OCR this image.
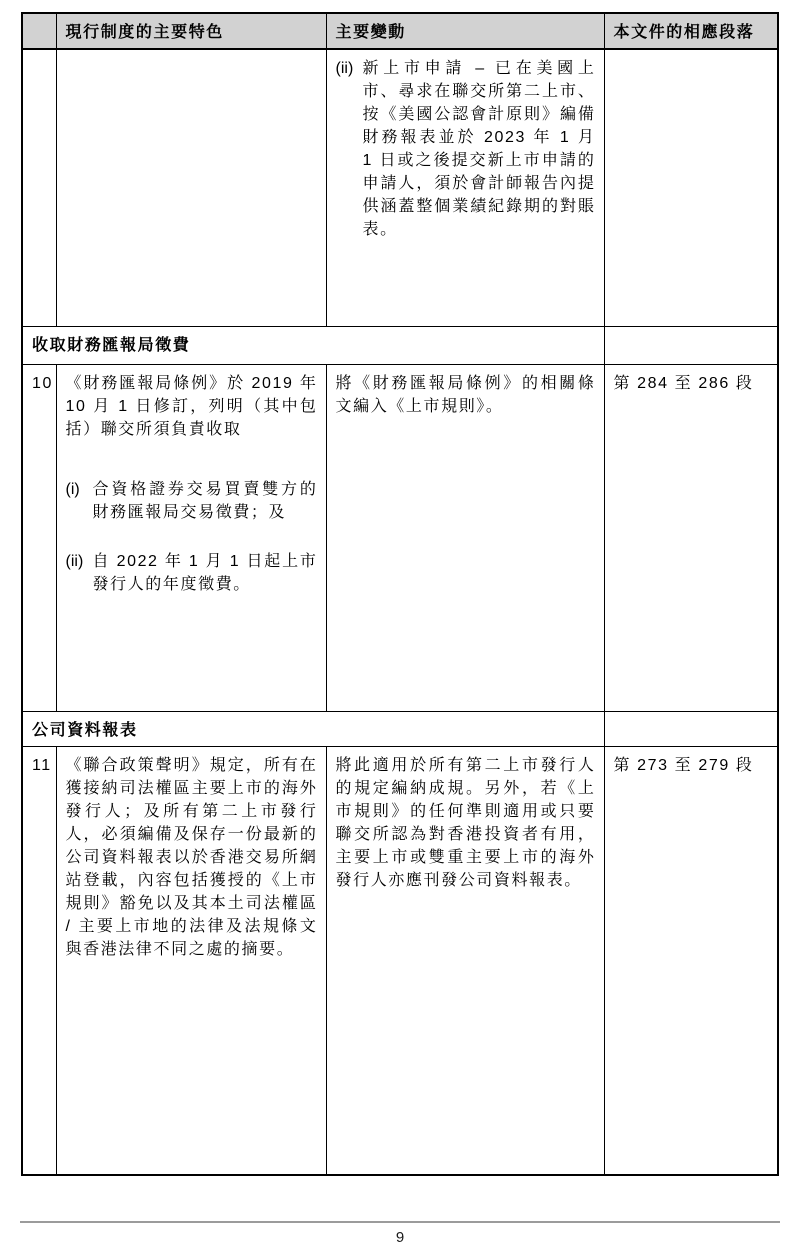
	現行制度的主要特色	主要變動	本文件的相應段落

		(ii) 新上市申請 – 已在美國上市、尋求在聯交所第二上市、按《美國公認會計原則》編備財務報表並於 2023 年 1 月 1 日或之後提交新上市申請的申請人，須於會計師報告內提供涵蓋整個業績紀錄期的對賬表。	

收取財務匯報局徵費			
10	《財務匯報局條例》於 2019 年 10 月 1 日修訂，列明（其中包括）聯交所須負責收取
(i) 合資格證券交易買賣雙方的財務匯報局交易徵費；及
(ii) 自 2022 年 1 月 1 日起上市發行人的年度徵費。	將《財務匯報局條例》的相關條文編入《上市規則》。	第 284 至 286 段

公司資料報表			
11	《聯合政策聲明》規定，所有在獲接納司法權區主要上市的海外發行人；及所有第二上市發行人，必須編備及保存一份最新的公司資料報表以於香港交易所網站登載，內容包括獲授的《上市規則》豁免以及其本土司法權區 / 主要上市地的法律及法規條文與香港法律不同之處的摘要。	將此適用於所有第二上市發行人的規定編納成規。另外，若《上市規則》的任何準則適用或只要聯交所認為對香港投資者有用，主要上市或雙重主要上市的海外發行人亦應刊發公司資料報表。	第 273 至 279 段
9
